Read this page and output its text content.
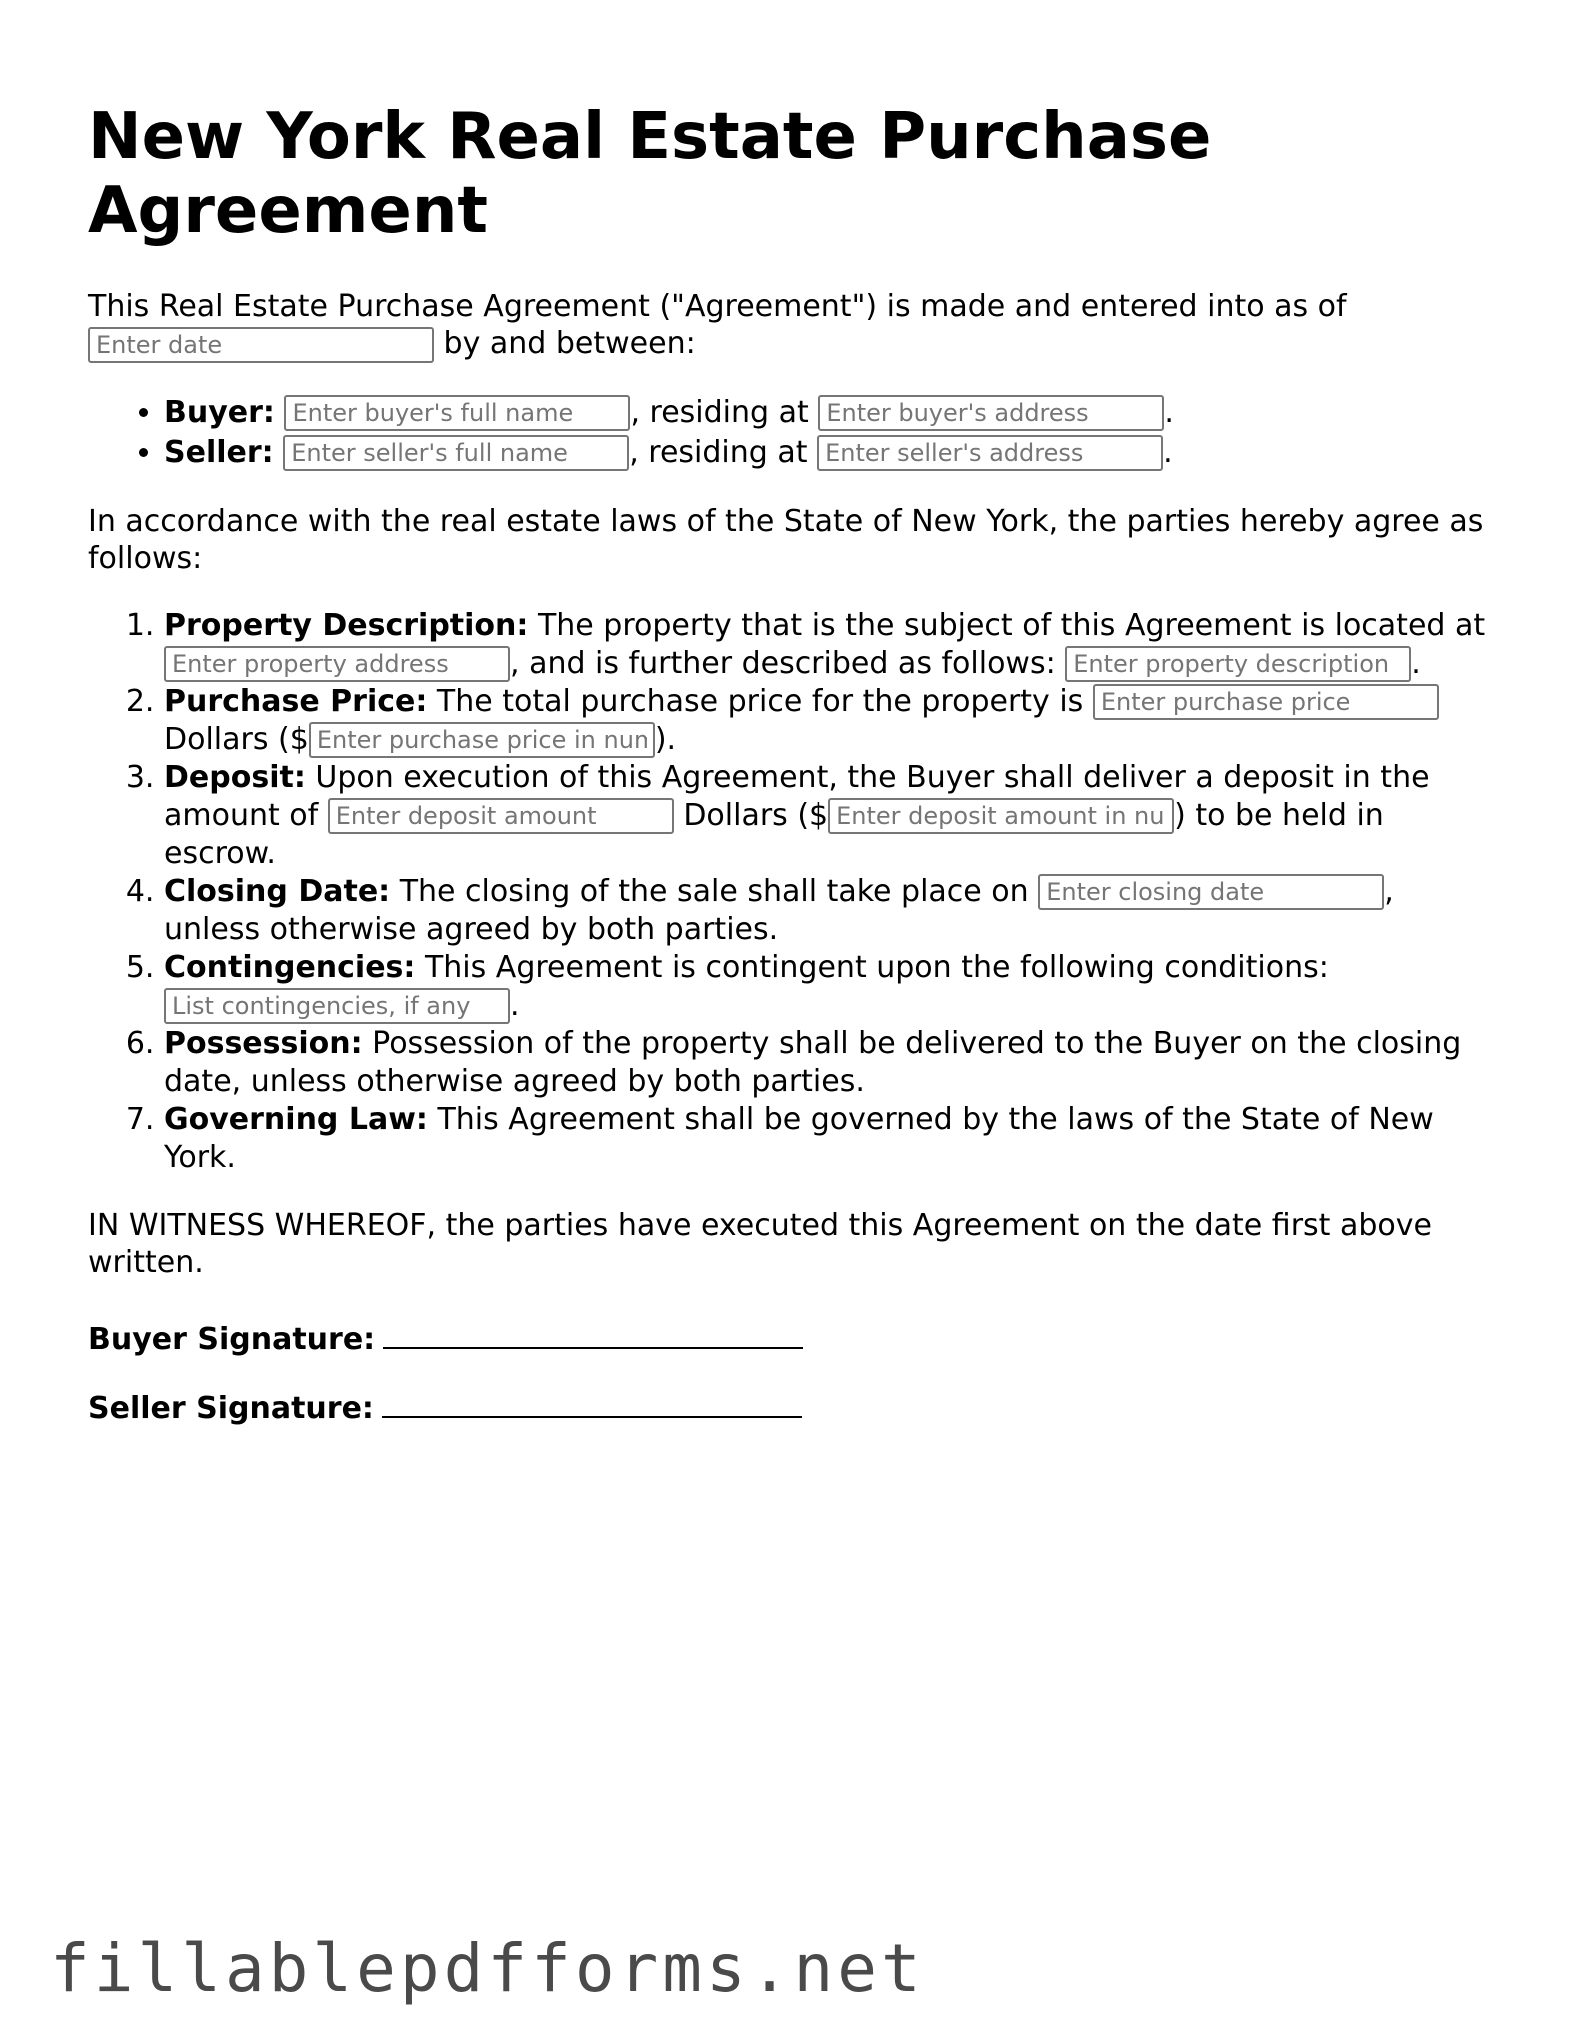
New York Real Estate Purchase Agreement

This Real Estate Purchase Agreement ("Agreement") is made and entered into as of
Enter date by and between:

• Buyer: Enter buyer's full name	, residing at Enter buyer's address	.
• Seller: Enter seller's full name	, residing at Enter seller's address	.

In accordance with the real estate laws of the State of New York, the parties hereby agree as follows:

1. Property Description: The property that is the subject of this Agreement is located at Enter property address, and is further described as follows: Enter property description	.
2. Purchase Price: The total purchase price for the property is Enter purchase price Dollars ($Enter purchase price in numbers	).
3. Deposit: Upon execution of this Agreement, the Buyer shall deliver a deposit in the amount of Enter deposit amount	Dollars ($Enter deposit amount in numbers	) to be held in escrow.
4. Closing Date: The closing of the sale shall take place on Enter closing date	, unless otherwise agreed by both parties.
5. Contingencies: This Agreement is contingent upon the following conditions: List contingencies, if any.
6. Possession: Possession of the property shall be delivered to the Buyer on the closing date, unless otherwise agreed by both parties.
7. Governing Law: This Agreement shall be governed by the laws of the State of New York.

IN WITNESS WHEREOF, the parties have executed this Agreement on the date first above written.

Buyer Signature:
Seller Signature:
fillablepdfforms.net
